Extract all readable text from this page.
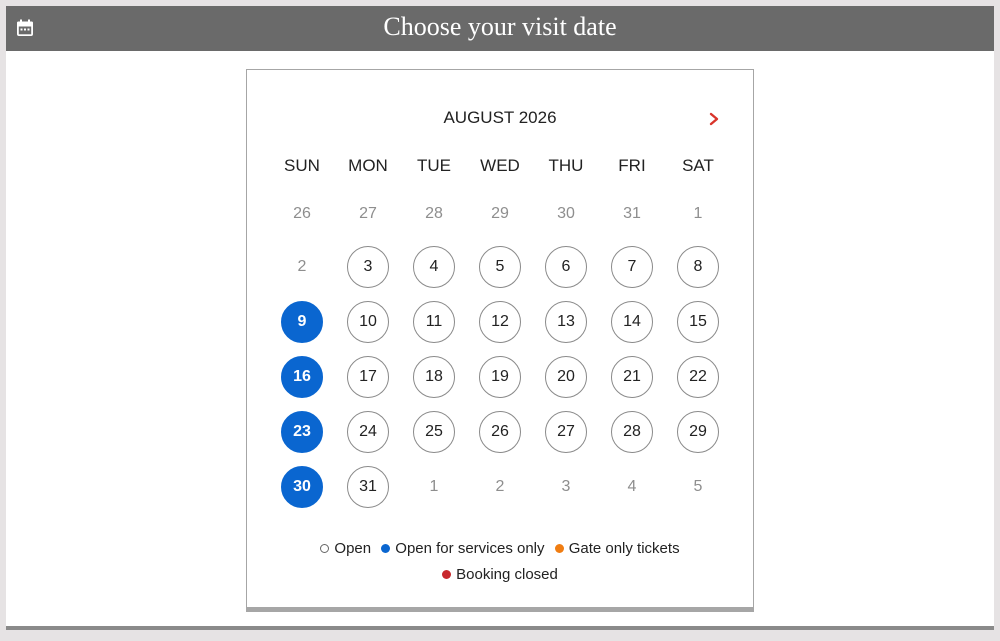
Choose your visit date
AUGUST 2026
SUN	MON	TUE	WED	THU	FRI	SAT
26	27	28	29	30	31	1
2	3	4	5	6	7	8
9	10	11	12	13	14	15
16	17	18	19	20	21	22
23	24	25	26	27	28	29
30	31	1	2	3	4	5
Open Open for services only Gate only tickets
Booking closed
